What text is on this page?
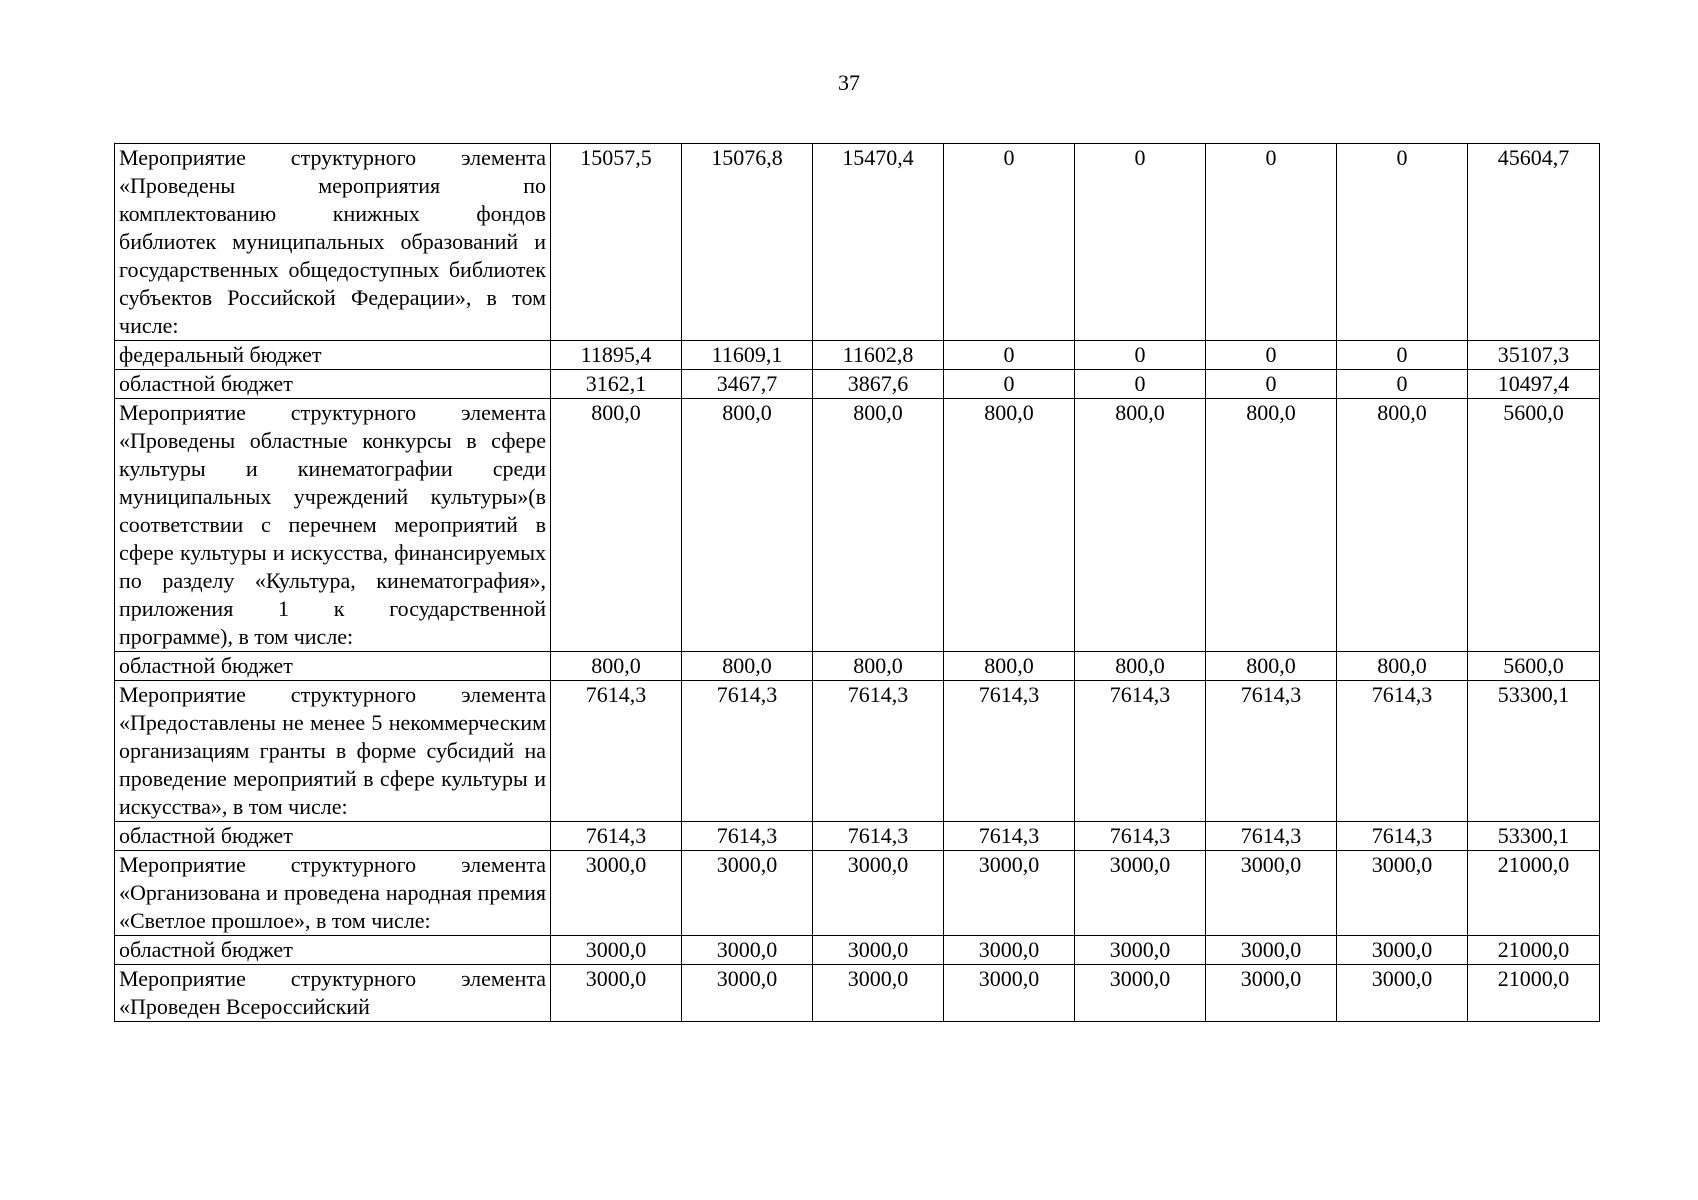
37
Мероприятие структурного элемента «Проведены мероприятия по комплектованию книжных фондов библиотек муниципальных образований и государственных общедоступных библиотек субъектов Российской Федерации», в том числе:	15057,5	15076,8	15470,4	0	0	0	0	45604,7
федеральный бюджет	11895,4	11609,1	11602,8	0	0	0	0	35107,3
областной бюджет	3162,1	3467,7	3867,6	0	0	0	0	10497,4
Мероприятие структурного элемента «Проведены областные конкурсы в сфере культуры и кинематографии среди муниципальных учреждений культуры»(в соответствии с перечнем мероприятий в сфере культуры и искусства, финансируемых по разделу «Культура, кинематография», приложения 1 к государственной программе), в том числе:	800,0	800,0	800,0	800,0	800,0	800,0	800,0	5600,0
областной бюджет	800,0	800,0	800,0	800,0	800,0	800,0	800,0	5600,0
Мероприятие структурного элемента «Предоставлены не менее 5 некоммерческим организациям гранты в форме субсидий на проведение мероприятий в сфере культуры и искусства», в том числе:	7614,3	7614,3	7614,3	7614,3	7614,3	7614,3	7614,3	53300,1
областной бюджет	7614,3	7614,3	7614,3	7614,3	7614,3	7614,3	7614,3	53300,1
Мероприятие структурного элемента «Организована и проведена народная премия «Светлое прошлое», в том числе:	3000,0	3000,0	3000,0	3000,0	3000,0	3000,0	3000,0	21000,0
областной бюджет	3000,0	3000,0	3000,0	3000,0	3000,0	3000,0	3000,0	21000,0
Мероприятие структурного элемента «Проведен Всероссийский	3000,0	3000,0	3000,0	3000,0	3000,0	3000,0	3000,0	21000,0
